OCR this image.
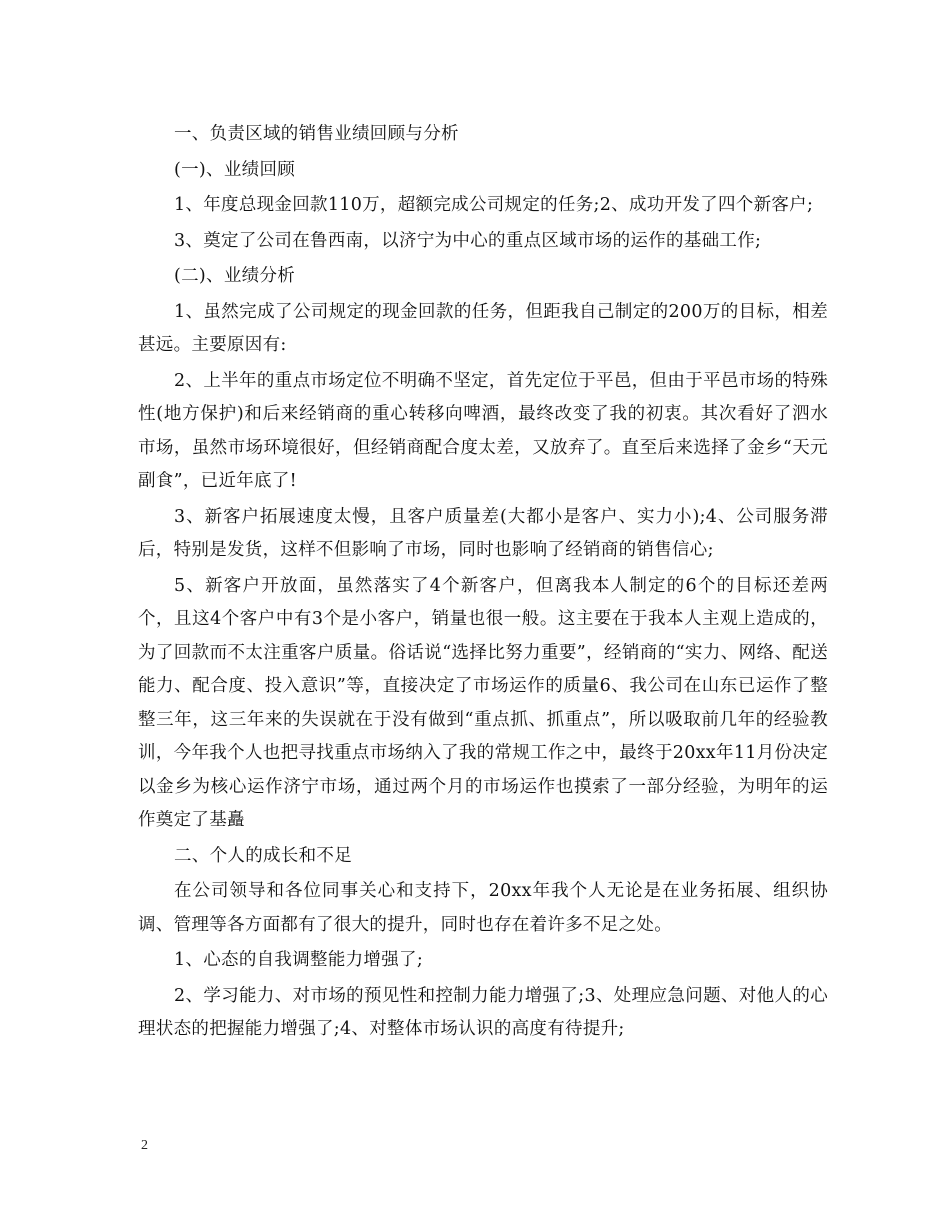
一、负责区域的销售业绩回顾与分析

(一)、业绩回顾

1、年度总现金回款110万，超额完成公司规定的任务;2、成功开发了四个新客户;

3、奠定了公司在鲁西南，以济宁为中心的重点区域市场的运作的基础工作;

(二)、业绩分析

1、虽然完成了公司规定的现金回款的任务，但距我自己制定的200万的目标，相差甚远。主要原因有:

2、上半年的重点市场定位不明确不坚定，首先定位于平邑，但由于平邑市场的特殊性(地方保护)和后来经销商的重心转移向啤酒，最终改变了我的初衷。其次看好了泗水市场，虽然市场环境很好，但经销商配合度太差，又放弃了。直至后来选择了金乡“天元副食”，已近年底了!

3、新客户拓展速度太慢，且客户质量差(大都小是客户、实力小);4、公司服务滞后，特别是发货，这样不但影响了市场，同时也影响了经销商的销售信心;

5、新客户开放面，虽然落实了4个新客户，但离我本人制定的6个的目标还差两个，且这4个客户中有3个是小客户，销量也很一般。这主要在于我本人主观上造成的，为了回款而不太注重客户质量。俗话说“选择比努力重要”，经销商的“实力、网络、配送能力、配合度、投入意识”等，直接决定了市场运作的质量6、我公司在山东已运作了整整三年，这三年来的失误就在于没有做到“重点抓、抓重点”，所以吸取前几年的经验教训，今年我个人也把寻找重点市场纳入了我的常规工作之中，最终于20xx年11月份决定以金乡为核心运作济宁市场，通过两个月的市场运作也摸索了一部分经验，为明年的运作奠定了基矗

二、个人的成长和不足

在公司领导和各位同事关心和支持下，20xx年我个人无论是在业务拓展、组织协调、管理等各方面都有了很大的提升，同时也存在着许多不足之处。

1、心态的自我调整能力增强了;

2、学习能力、对市场的预见性和控制力能力增强了;3、处理应急问题、对他人的心理状态的把握能力增强了;4、对整体市场认识的高度有待提升;

2
